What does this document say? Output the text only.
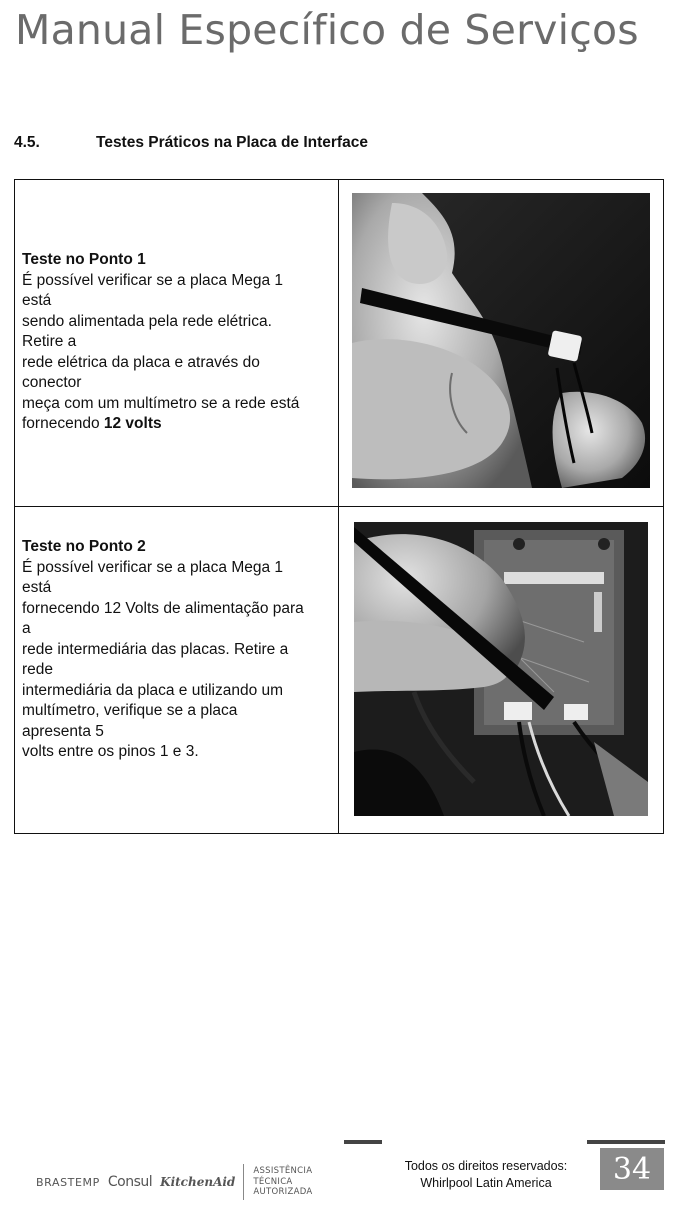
Manual Específico de Serviços
4.5.	Testes Práticos na Placa de Interface
Teste no Ponto 1
É possível verificar se a placa Mega 1
está
sendo alimentada pela rede elétrica.
Retire a
rede elétrica da placa e através do
conector
meça com um multímetro se a rede está
fornecendo 12 volts
Teste no Ponto 2
É possível verificar se a placa Mega 1
está
fornecendo 12 Volts de alimentação para
a
rede intermediária das placas. Retire a
rede
intermediária da placa e utilizando um
multímetro, verifique se a placa
apresenta 5
volts entre os pinos 1 e 3.
BRASTEMP Consul KitchenAid
ASSISTÊNCIA
TÉCNICA
AUTORIZADA
Todos os direitos reservados:
Whirlpool Latin America	34
